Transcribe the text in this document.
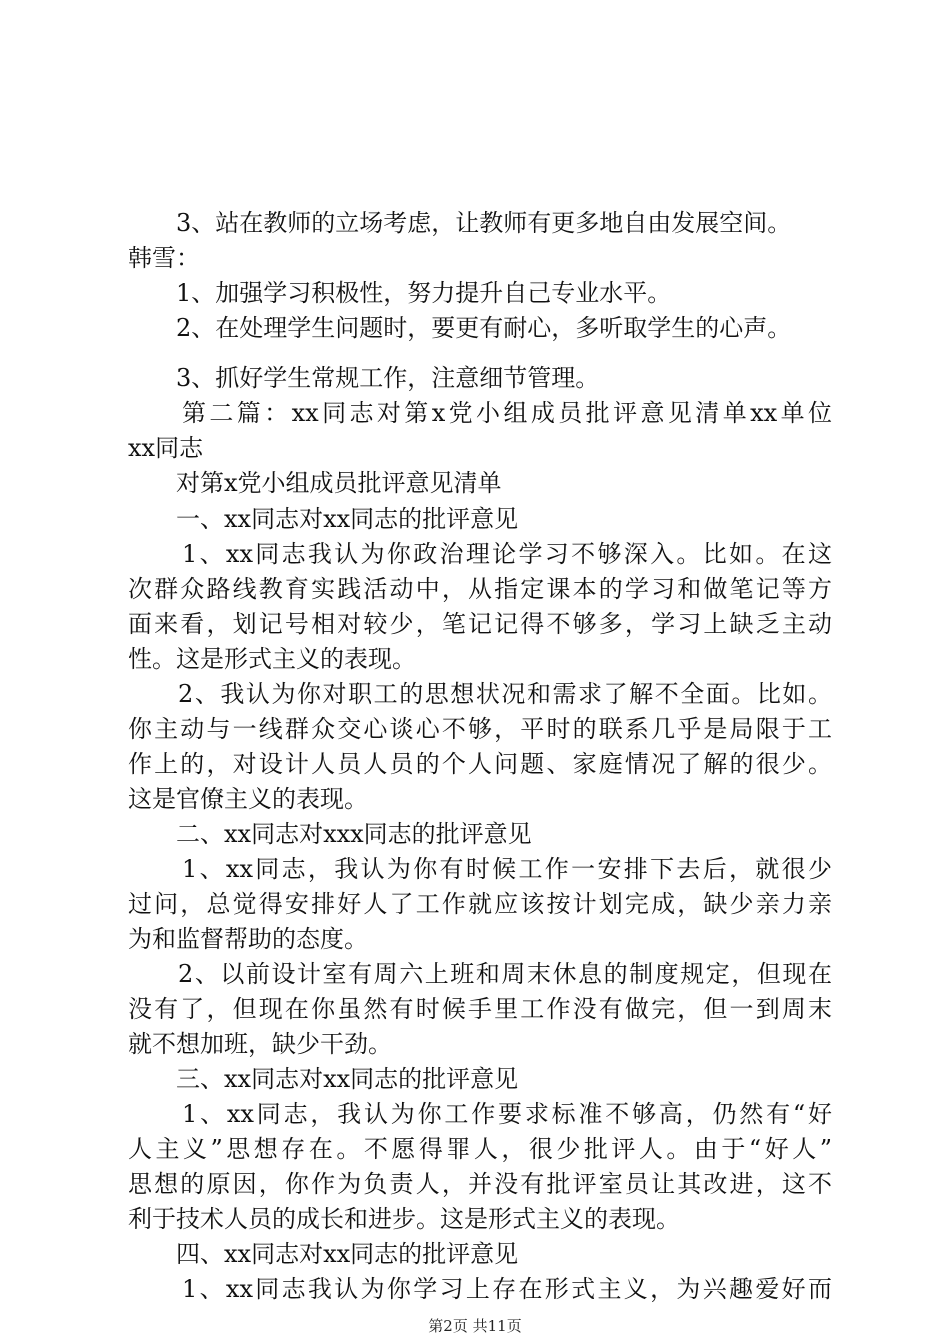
3、站在教师的立场考虑，让教师有更多地自由发展空间。
韩雪：
1、加强学习积极性，努力提升自己专业水平。
2、在处理学生问题时，要更有耐心，多听取学生的心声。
3、抓好学生常规工作，注意细节管理。
第二篇：xx同志对第x党小组成员批评意见清单xx单位
xx同志
对第x党小组成员批评意见清单
一、xx同志对xx同志的批评意见
1、xx同志我认为你政治理论学习不够深入。比如。在这
次群众路线教育实践活动中，从指定课本的学习和做笔记等方
面来看，划记号相对较少，笔记记得不够多，学习上缺乏主动
性。这是形式主义的表现。
2、我认为你对职工的思想状况和需求了解不全面。比如。
你主动与一线群众交心谈心不够，平时的联系几乎是局限于工
作上的，对设计人员人员的个人问题、家庭情况了解的很少。
这是官僚主义的表现。
二、xx同志对xxx同志的批评意见
1、xx同志，我认为你有时候工作一安排下去后，就很少
过问，总觉得安排好人了工作就应该按计划完成，缺少亲力亲
为和监督帮助的态度。
2、以前设计室有周六上班和周末休息的制度规定，但现在
没有了，但现在你虽然有时候手里工作没有做完，但一到周末
就不想加班，缺少干劲。
三、xx同志对xx同志的批评意见
1、xx同志，我认为你工作要求标准不够高，仍然有“好
人主义”思想存在。不愿得罪人，很少批评人。由于“好人”
思想的原因，你作为负责人，并没有批评室员让其改进，这不
利于技术人员的成长和进步。这是形式主义的表现。
四、xx同志对xx同志的批评意见
1、xx同志我认为你学习上存在形式主义，为兴趣爱好而
第2页 共11页
